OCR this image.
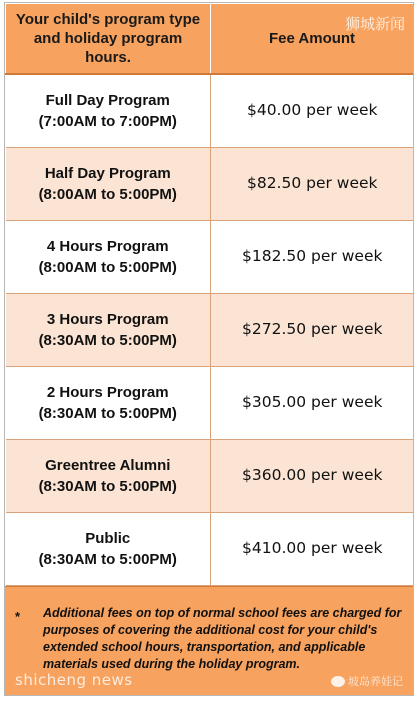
Your child's program type and holiday program hours.	Fee Amount

Full Day Program
(7:00AM to 7:00PM)	$40.00 per week

Half Day Program
(8:00AM to 5:00PM)	$82.50 per week

4 Hours Program
(8:00AM to 5:00PM)	$182.50 per week

3 Hours Program
(8:30AM to 5:00PM)	$272.50 per week

2 Hours Program
(8:30AM to 5:00PM)	$305.00 per week

Greentree Alumni
(8:30AM to 5:00PM)	$360.00 per week

Public
(8:30AM to 5:00PM)	$410.00 per week
* Additional fees on top of normal school fees are charged for purposes of covering the additional cost for your child's extended school hours, transportation, and applicable materials used during the holiday program.
狮城新闻
shicheng news	坡岛养娃记
